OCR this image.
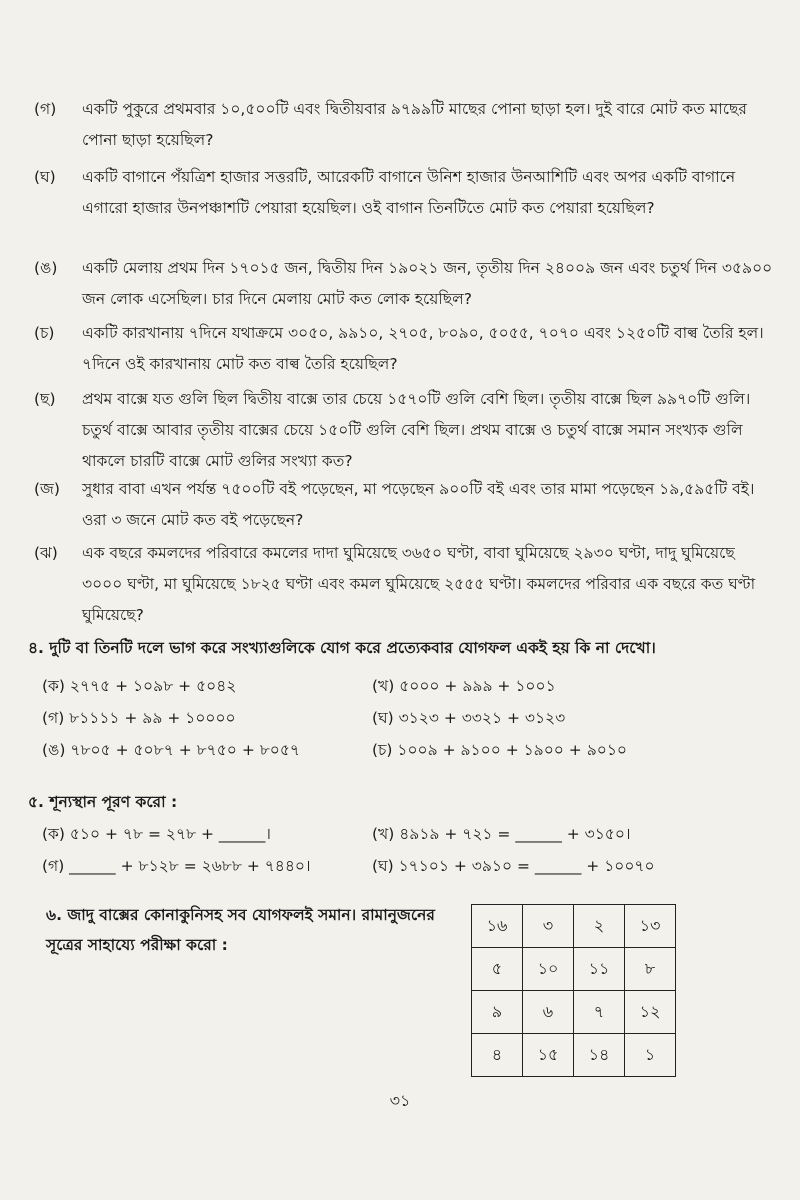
(গ) একটি পুকুরে প্রথমবার ১০,৫০০টি এবং দ্বিতীয়বার ৯৭৯৯টি মাছের পোনা ছাড়া হল। দুই বারে মোট কত মাছের পোনা ছাড়া হয়েছিল?
(ঘ) একটি বাগানে পঁয়ত্রিশ হাজার সত্তরটি, আরেকটি বাগানে উনিশ হাজার উনআশিটি এবং অপর একটি বাগানে এগারো হাজার উনপঞ্চাশটি পেয়ারা হয়েছিল। ওই বাগান তিনটিতে মোট কত পেয়ারা হয়েছিল?
(ঙ) একটি মেলায় প্রথম দিন ১৭০১৫ জন, দ্বিতীয় দিন ১৯০২১ জন, তৃতীয় দিন ২৪০০৯ জন এবং চতুর্থ দিন ৩৫৯০০ জন লোক এসেছিল। চার দিনে মেলায় মোট কত লোক হয়েছিল?
(চ) একটি কারখানায় ৭দিনে যথাক্রমে ৩০৫০, ৯৯১০, ২৭০৫, ৮০৯০, ৫০৫৫, ৭০৭০ এবং ১২৫০টি বাল্ব তৈরি হল। ৭দিনে ওই কারখানায় মোট কত বাল্ব তৈরি হয়েছিল?
(ছ) প্রথম বাক্সে যত গুলি ছিল দ্বিতীয় বাক্সে তার চেয়ে ১৫৭০টি গুলি বেশি ছিল। তৃতীয় বাক্সে ছিল ৯৯৭০টি গুলি। চতুর্থ বাক্সে আবার তৃতীয় বাক্সের চেয়ে ১৫০টি গুলি বেশি ছিল। প্রথম বাক্সে ও চতুর্থ বাক্সে সমান সংখ্যক গুলি থাকলে চারটি বাক্সে মোট গুলির সংখ্যা কত?
(জ) সুধার বাবা এখন পর্যন্ত ৭৫০০টি বই পড়েছেন, মা পড়েছেন ৯০০টি বই এবং তার মামা পড়েছেন ১৯,৫৯৫টি বই। ওরা ৩ জনে মোট কত বই পড়েছেন?
(ঝ) এক বছরে কমলদের পরিবারে কমলের দাদা ঘুমিয়েছে ৩৬৫০ ঘণ্টা, বাবা ঘুমিয়েছে ২৯৩০ ঘণ্টা, দাদু ঘুমিয়েছে ৩০০০ ঘণ্টা, মা ঘুমিয়েছে ১৮২৫ ঘণ্টা এবং কমল ঘুমিয়েছে ২৫৫৫ ঘণ্টা। কমলদের পরিবার এক বছরে কত ঘণ্টা ঘুমিয়েছে?
৪. দুটি বা তিনটি দলে ভাগ করে সংখ্যাগুলিকে যোগ করে প্রত্যেকবার যোগফল একই হয় কি না দেখো।
(ক) ২৭৭৫ + ১০৯৮ + ৫০৪২	(খ) ৫০০০ + ৯৯৯ + ১০০১
(গ) ৮১১১১ + ৯৯ + ১০০০০	(ঘ) ৩১২৩ + ৩৩২১ + ৩১২৩
(ঙ) ৭৮০৫ + ৫০৮৭ + ৮৭৫০ + ৮০৫৭	(চ) ১০০৯ + ৯১০০ + ১৯০০ + ৯০১০
৫. শূন্যস্থান পূরণ করো :
(ক) ৫১০ + ৭৮ = ২৭৮ + ______।	(খ) ৪৯১৯ + ৭২১ = ______ + ৩১৫০।
(গ) ______ + ৮১২৮ = ২৬৮৮ + ৭৪৪০।	(ঘ) ১৭১০১ + ৩৯১০ = ______ + ১০০৭০
৬. জাদু বাক্সের কোনাকুনিসহ সব যোগফলই সমান। রামানুজনের সূত্রের সাহায্যে পরীক্ষা করো :
১৬	৩	২	১৩
৫	১০	১১	৮
৯	৬	৭	১২
৪	১৫	১৪	১
৩১
